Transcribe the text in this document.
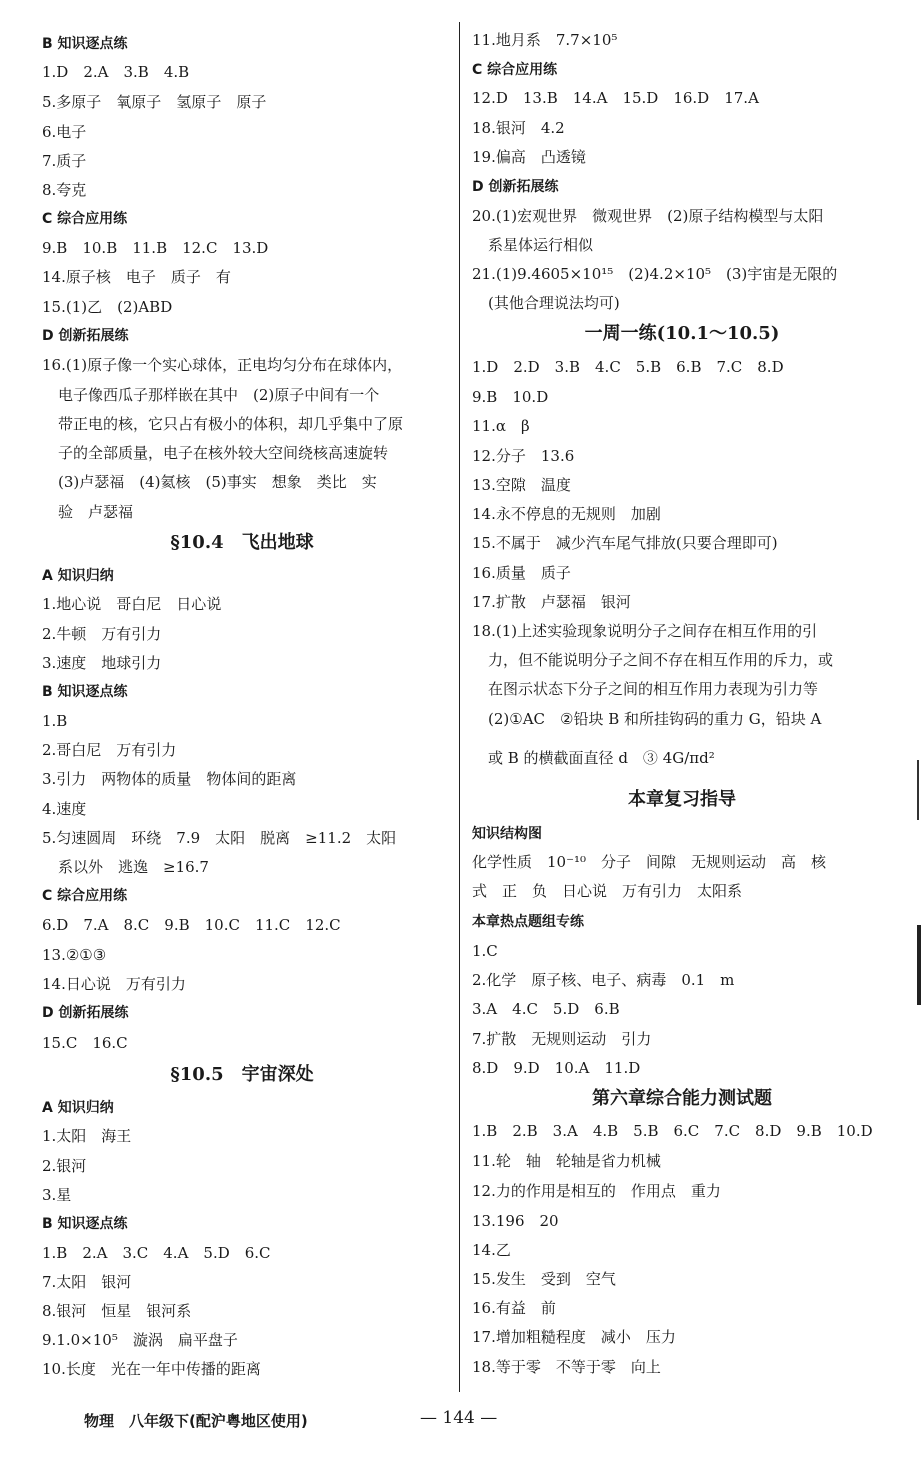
B 知识逐点练
1.D　2.A　3.B　4.B
5.多原子　氧原子　氢原子　原子
6.电子
7.质子
8.夸克
C 综合应用练
9.B　10.B　11.B　12.C　13.D
14.原子核　电子　质子　有
15.(1)乙　(2)ABD
D 创新拓展练
16.(1)原子像一个实心球体，正电均匀分布在球体内，
电子像西瓜子那样嵌在其中　(2)原子中间有一个
带正电的核，它只占有极小的体积，却几乎集中了原
子的全部质量，电子在核外较大空间绕核高速旋转
(3)卢瑟福　(4)氦核　(5)事实　想象　类比　实
验　卢瑟福
§10.4　飞出地球
A 知识归纳
1.地心说　哥白尼　日心说
2.牛顿　万有引力
3.速度　地球引力
B 知识逐点练
1.B
2.哥白尼　万有引力
3.引力　两物体的质量　物体间的距离
4.速度
5.匀速圆周　环绕　7.9　太阳　脱离　≥11.2　太阳
系以外　逃逸　≥16.7
C 综合应用练
6.D　7.A　8.C　9.B　10.C　11.C　12.C
13.②①③
14.日心说　万有引力
D 创新拓展练
15.C　16.C
§10.5　宇宙深处
A 知识归纳
1.太阳　海王
2.银河
3.星
B 知识逐点练
1.B　2.A　3.C　4.A　5.D　6.C
7.太阳　银河
8.银河　恒星　银河系
9.1.0×10⁵　漩涡　扁平盘子
10.长度　光在一年中传播的距离
11.地月系　7.7×10⁵
C 综合应用练
12.D　13.B　14.A　15.D　16.D　17.A
18.银河　4.2
19.偏高　凸透镜
D 创新拓展练
20.(1)宏观世界　微观世界　(2)原子结构模型与太阳
系星体运行相似
21.(1)9.4605×10¹⁵　(2)4.2×10⁵　(3)宇宙是无限的
(其他合理说法均可)
一周一练(10.1～10.5)
1.D　2.D　3.B　4.C　5.B　6.B　7.C　8.D
9.B　10.D
11.α　β
12.分子　13.6
13.空隙　温度
14.永不停息的无规则　加剧
15.不属于　减少汽车尾气排放(只要合理即可)
16.质量　质子
17.扩散　卢瑟福　银河
18.(1)上述实验现象说明分子之间存在相互作用的引
力，但不能说明分子之间不存在相互作用的斥力，或
在图示状态下分子之间的相互作用力表现为引力等
(2)①AC　②铅块 B 和所挂钩码的重力 G，铅块 A
或 B 的横截面直径 d　③ 4G/πd²
本章复习指导
知识结构图
化学性质　10⁻¹⁰　分子　间隙　无规则运动　高　核
式　正　负　日心说　万有引力　太阳系
本章热点题组专练
1.C
2.化学　原子核、电子、病毒　0.1　m
3.A　4.C　5.D　6.B
7.扩散　无规则运动　引力
8.D　9.D　10.A　11.D
第六章综合能力测试题
1.B　2.B　3.A　4.B　5.B　6.C　7.C　8.D　9.B　10.D
11.轮　轴　轮轴是省力机械
12.力的作用是相互的　作用点　重力
13.196　20
14.乙
15.发生　受到　空气
16.有益　前
17.增加粗糙程度　减小　压力
18.等于零　不等于零　向上
物理　八年级下(配沪粤地区使用)	— 144 —
